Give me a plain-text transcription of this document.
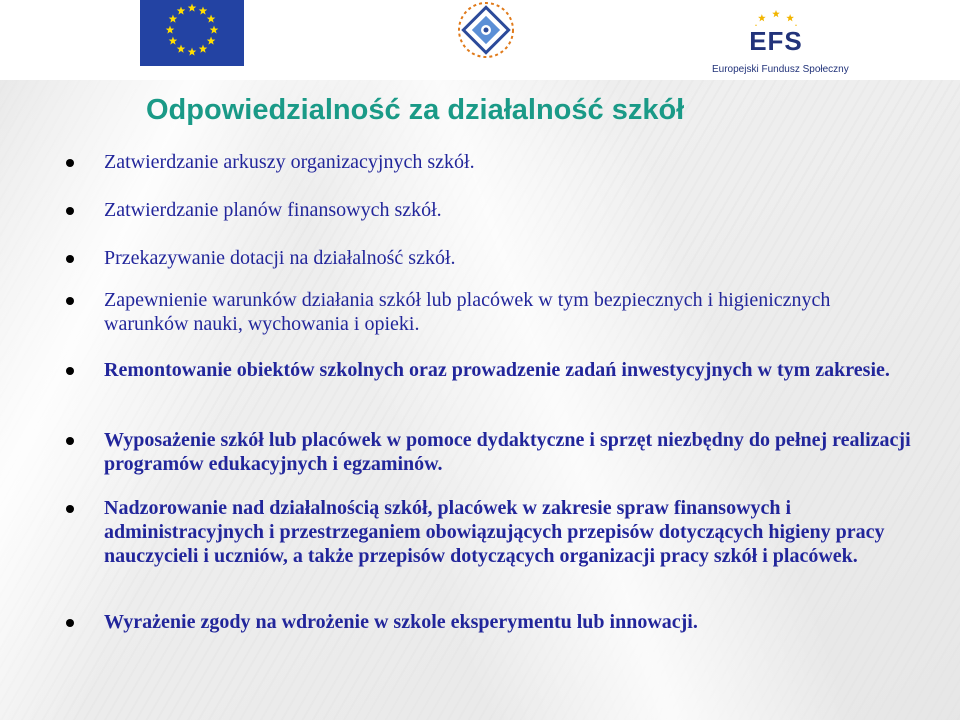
EFS
Europejski Fundusz Społeczny
Odpowiedzialność za działalność szkół
Zatwierdzanie arkuszy organizacyjnych szkół.
Zatwierdzanie planów finansowych szkół.
Przekazywanie dotacji na działalność szkół.
Zapewnienie warunków działania szkół lub placówek w tym bezpiecznych i higienicznych warunków nauki, wychowania i opieki.
Remontowanie obiektów szkolnych oraz prowadzenie zadań inwestycyjnych w tym zakresie.
Wyposażenie szkół lub placówek w pomoce dydaktyczne i sprzęt niezbędny do pełnej realizacji programów edukacyjnych i egzaminów.
Nadzorowanie nad działalnością szkół, placówek w zakresie spraw finansowych i administracyjnych i przestrzeganiem obowiązujących przepisów dotyczących higieny pracy nauczycieli i uczniów, a także przepisów dotyczących organizacji pracy szkół i placówek.
Wyrażenie zgody na wdrożenie w szkole eksperymentu lub innowacji.
